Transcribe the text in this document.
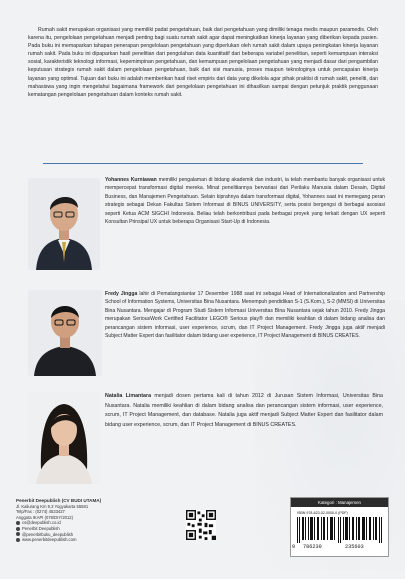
Rumah sakit merupakan organisasi yang memiliki padat pengetahuan, baik dari pengetahuan yang dimiliki tenaga medis maupun paramedis. Oleh karena itu, pengelolaan pengetahuan menjadi penting bagi suatu rumah sakit agar dapat meningkatkan kinerja layanan yang diberikan kepada pasien. Pada buku ini memaparkan tahapan penerapan pengelolaan pengetahuan yang diperlukan oleh rumah sakit dalam upaya peningkatan kinerja layanan rumah sakit. Pada buku ini dipaparkan hasil penelitian dari pengolahan data kuantitatif dari beberapa variabel penelitian, seperti kemampuan interaksi sosial, karakteristik teknologi informasi, kepemimpinan pengetahuan, dan kemampuan pengelolaan pengetahuan yang menjadi dasar dari pengambilan keputusan strategis rumah sakit dalam pengelolaan pengetahuan, baik dari sisi manusia, proses maupun teknologinya untuk pencapaian kinerja layanan yang optimal. Tujuan dari buku ini adalah memberikan hasil riset empiris dari data yang dikelola agar pihak praktisi di rumah sakit, peneliti, dan mahasiswa yang ingin mengetahui bagaimana framework dari pengelolaan pengetahuan ini dihasilkan sampai dengan petunjuk praktik penggunaan kematangan pengelolaan pengetahuan dalam konteks rumah sakit.

Yohannes Kurniawan memiliki pengalaman di bidang akademik dan industri, ia telah membantu banyak organisasi untuk mempercepat transformasi digital mereka. Minat penelitiannya bervariasi dari Perilaku Manusia dalam Desain, Digital Business, dan Manajemen Pengetahuan. Selain kiprahnya dalam transformasi digital, Yohannes saat ini memegang peran strategis sebagai Dekan Fakultas Sistem Informasi di BINUS UNIVERSITY, serta posisi bergengsi di berbagai asosiasi seperti Ketua ACM SIGCHI Indonesia. Beliau telah berkontribusi pada berbagai proyek yang terkait dengan UX seperti Konsultan Prinsipal UX untuk beberapa Organisasi Start-Up di Indonesia.
Fredy Jingga lahir di Pematangsiantar 17 Desember 1988 saat ini sebagai Head of Internationalization and Partnership School of Information Systems, Universitas Bina Nusantara. Menempuh pendidikan S-1 (S.Kom.), S-2 (MMSI) di Universitas Bina Nusantara. Mengajar di Program Studi Sistem Informasi Universitas Bina Nusantara sejak tahun 2010. Fredy Jingga merupakan SeriousWork Certified Facilitator LEGO® Serious play® dan memiliki keahlian di dalam bidang analisa dan perancangan sistem informasi, user experience, scrum, dan IT Project Management. Fredy Jingga juga aktif menjadi Subject Matter Expert dan fasilitator dalam bidang user experience, IT Project Management di BINUS CREATES.
Natalia Limantara menjadi dosen pertama kali di tahun 2012 di Jurusan Sistem Informasi, Universitas Bina Nusantara. Natalia memiliki keahlian di dalam bidang analisa dan perancangan sistem informasi, user experience, scrum, IT Project Management, dan database. Natalia juga aktif menjadi Subject Matter Expert dan fasilitator dalam bidang user experience, scrum, dan IT Project Management di BINUS CREATES.
Penerbit Deepublish (CV BUDI UTAMA)
Jl. Kaliurang Km 9,3 Yogyakarta 55581
Telp/Fax : (0274) 4533427
Anggota IKAPI (076/DIY/2012)
cs@deepublish.co.id
Penerbit Deepublish
@penerbitbuku_deepublish
www.penerbitdeepublish.com
Kategori : Manajemen
ISBN 978-623-02-0000-0 (PDF)
9 786230	235603
